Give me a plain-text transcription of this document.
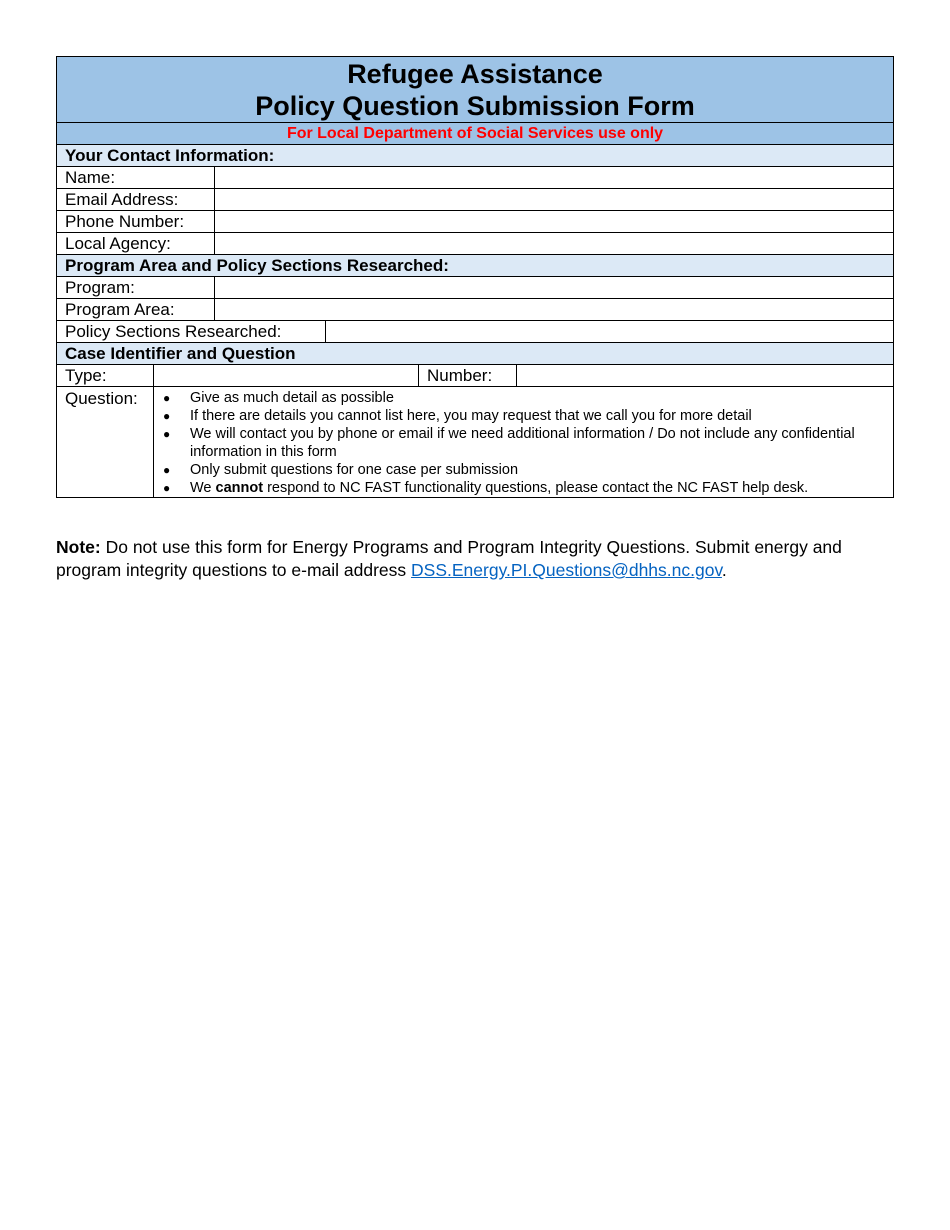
Refugee Assistance
Policy Question Submission Form
For Local Department of Social Services use only
Your Contact Information:
Name:
Email Address:
Phone Number:
Local Agency:
Program Area and Policy Sections Researched:
Program:
Program Area:
Policy Sections Researched:
Case Identifier and Question
Type:	Number:
Question:	● Give as much detail as possible
● If there are details you cannot list here, you may request that we call you for more detail
● We will contact you by phone or email if we need additional information / Do not include any confidential information in this form
● Only submit questions for one case per submission
● We cannot respond to NC FAST functionality questions, please contact the NC FAST help desk.

Note: Do not use this form for Energy Programs and Program Integrity Questions. Submit energy and program integrity questions to e-mail address DSS.Energy.PI.Questions@dhhs.nc.gov.
